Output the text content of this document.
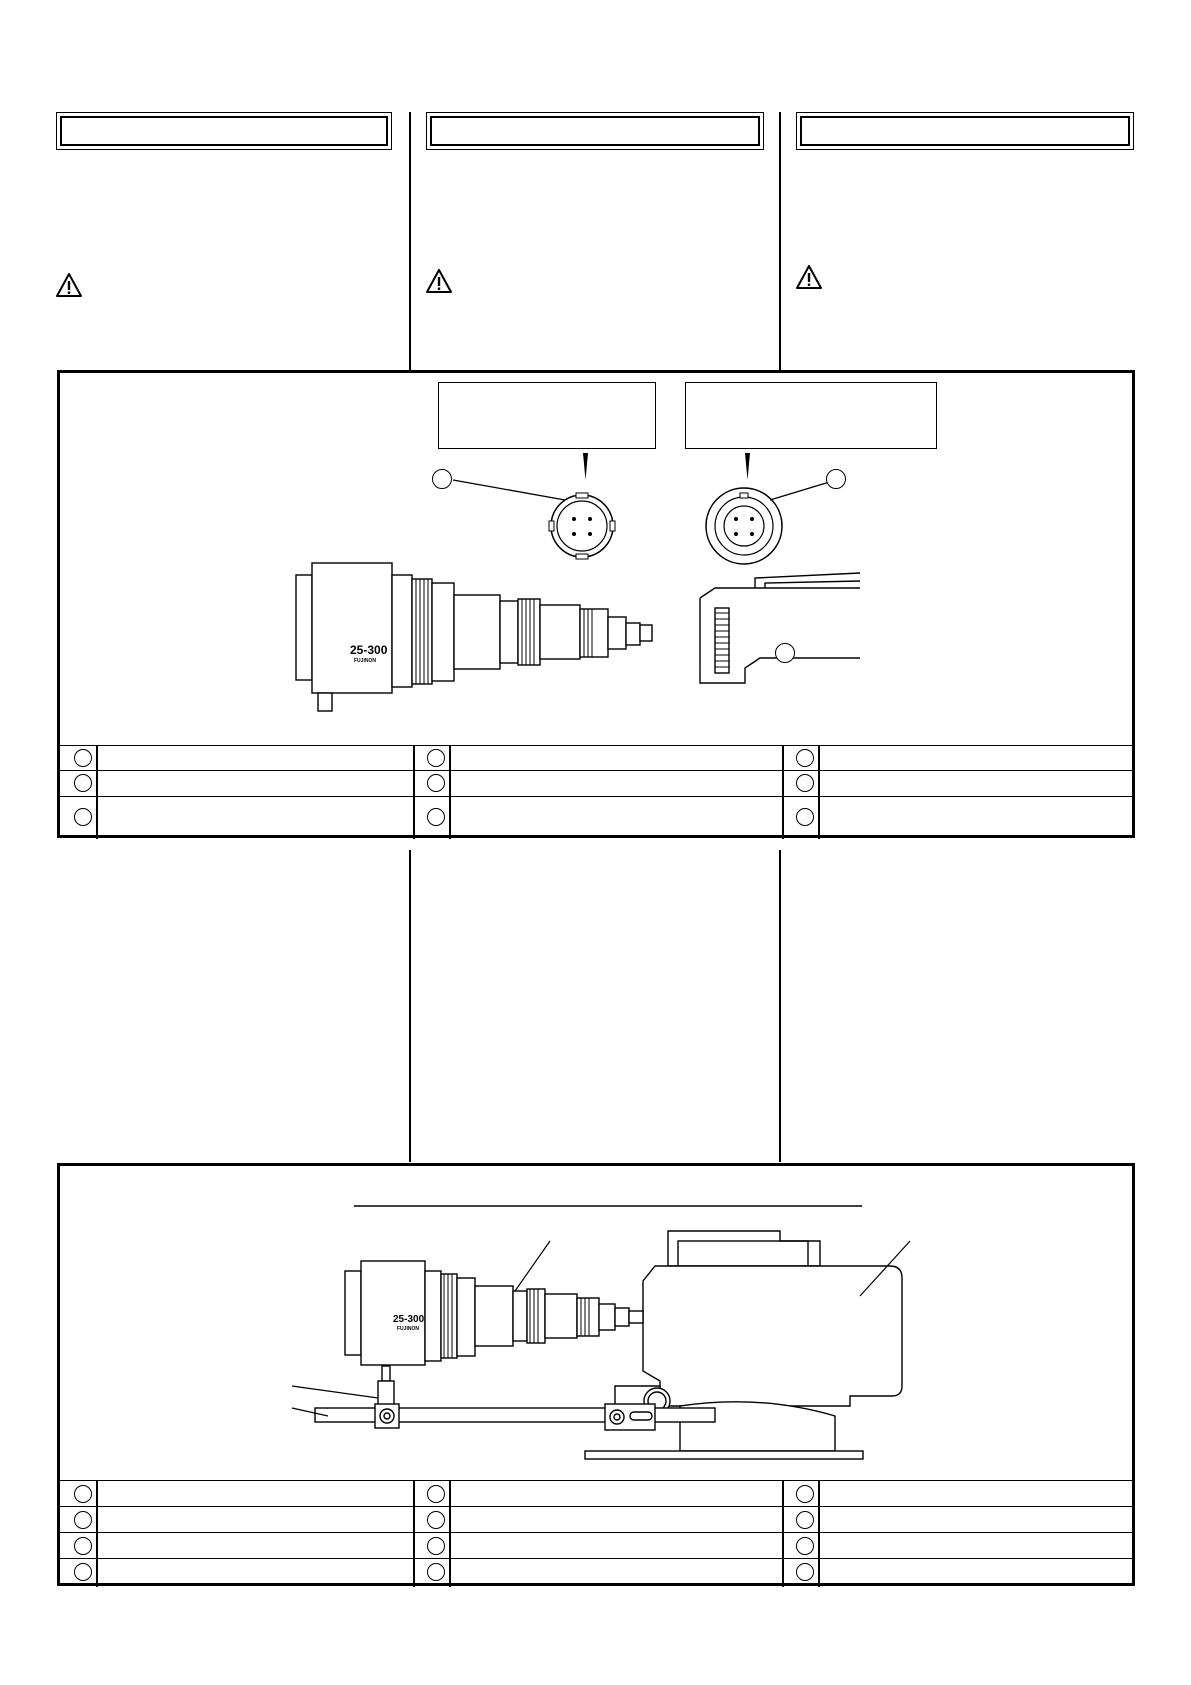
25-300
FUJINON
25-300
FUJINON
